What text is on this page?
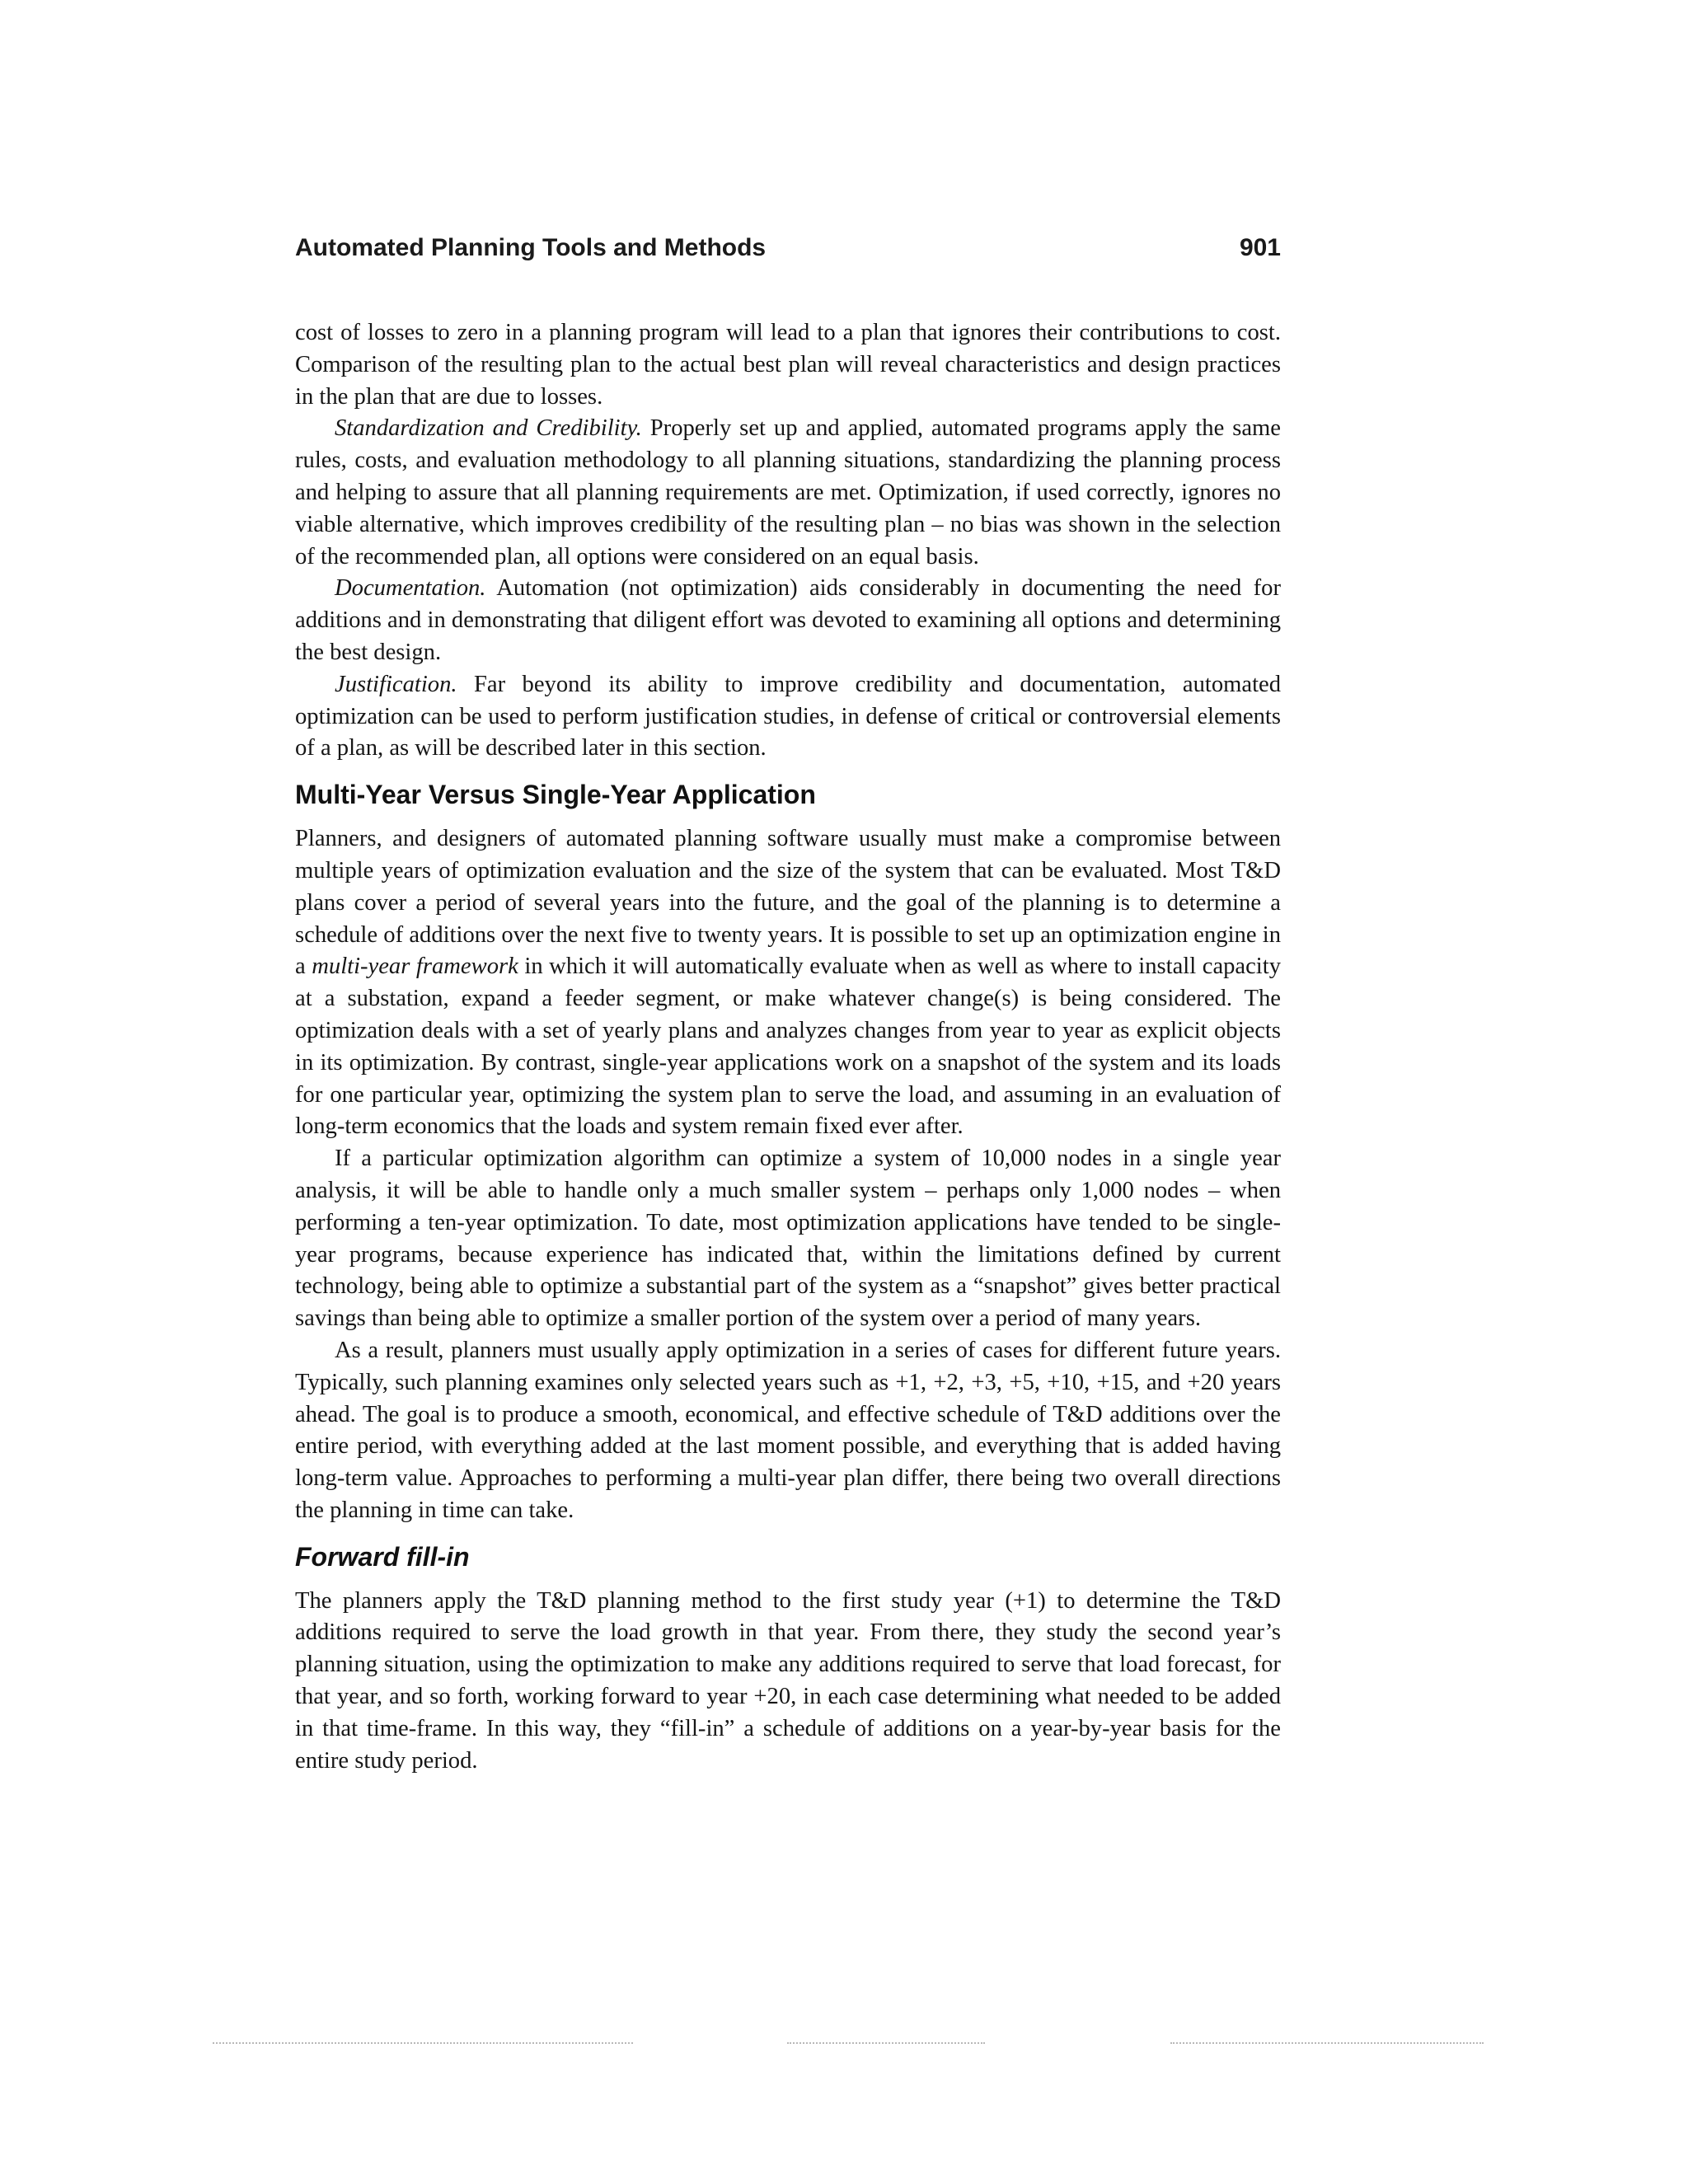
Automated Planning Tools and Methods	901

cost of losses to zero in a planning program will lead to a plan that ignores their contributions to cost. Comparison of the resulting plan to the actual best plan will reveal characteristics and design practices in the plan that are due to losses.

Standardization and Credibility. Properly set up and applied, automated programs apply the same rules, costs, and evaluation methodology to all planning situations, standardizing the planning process and helping to assure that all planning requirements are met. Optimization, if used correctly, ignores no viable alternative, which improves credibility of the resulting plan – no bias was shown in the selection of the recommended plan, all options were considered on an equal basis.

Documentation. Automation (not optimization) aids considerably in documenting the need for additions and in demonstrating that diligent effort was devoted to examining all options and determining the best design.

Justification. Far beyond its ability to improve credibility and documentation, automated optimization can be used to perform justification studies, in defense of critical or controversial elements of a plan, as will be described later in this section.

Multi-Year Versus Single-Year Application

Planners, and designers of automated planning software usually must make a compromise between multiple years of optimization evaluation and the size of the system that can be evaluated. Most T&D plans cover a period of several years into the future, and the goal of the planning is to determine a schedule of additions over the next five to twenty years. It is possible to set up an optimization engine in a multi-year framework in which it will automatically evaluate when as well as where to install capacity at a substation, expand a feeder segment, or make whatever change(s) is being considered. The optimization deals with a set of yearly plans and analyzes changes from year to year as explicit objects in its optimization. By contrast, single-year applications work on a snapshot of the system and its loads for one particular year, optimizing the system plan to serve the load, and assuming in an evaluation of long-term economics that the loads and system remain fixed ever after.

If a particular optimization algorithm can optimize a system of 10,000 nodes in a single year analysis, it will be able to handle only a much smaller system – perhaps only 1,000 nodes – when performing a ten-year optimization. To date, most optimization applications have tended to be single-year programs, because experience has indicated that, within the limitations defined by current technology, being able to optimize a substantial part of the system as a “snapshot” gives better practical savings than being able to optimize a smaller portion of the system over a period of many years.

As a result, planners must usually apply optimization in a series of cases for different future years. Typically, such planning examines only selected years such as +1, +2, +3, +5, +10, +15, and +20 years ahead. The goal is to produce a smooth, economical, and effective schedule of T&D additions over the entire period, with everything added at the last moment possible, and everything that is added having long-term value. Approaches to performing a multi-year plan differ, there being two overall directions the planning in time can take.

Forward fill-in

The planners apply the T&D planning method to the first study year (+1) to determine the T&D additions required to serve the load growth in that year. From there, they study the second year’s planning situation, using the optimization to make any additions required to serve that load forecast, for that year, and so forth, working forward to year +20, in each case determining what needed to be added in that time-frame. In this way, they “fill-in” a schedule of additions on a year-by-year basis for the entire study period.
